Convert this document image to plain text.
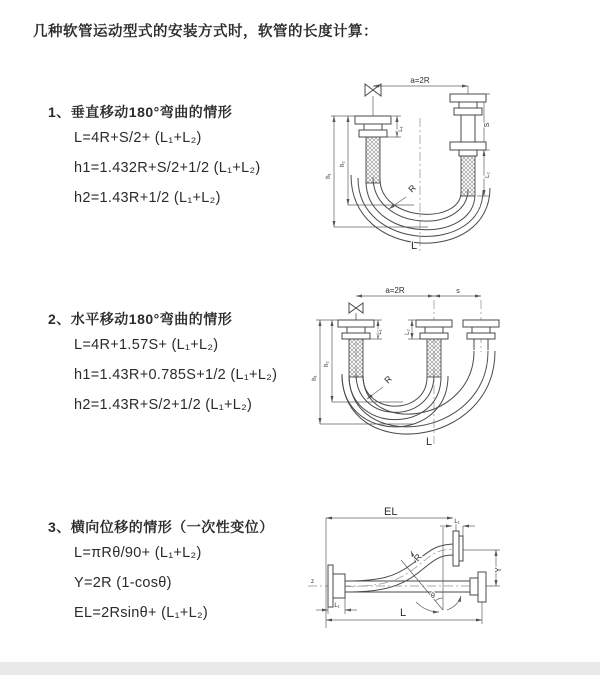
几种软管运动型式的安装方式时，软管的长度计算：
1、垂直移动180°弯曲的情形
L=4R+S/2+ (L₁+L₂)
h1=1.432R+S/2+1/2 (L₁+L₂)
h2=1.43R+1/2 (L₁+L₂)
a=2R
S
L₂
L₁
h₂
h₁
R
L
2、水平移动180°弯曲的情形
L=4R+1.57S+ (L₁+L₂)
h1=1.43R+0.785S+1/2 (L₁+L₂)
h2=1.43R+S/2+1/2 (L₁+L₂)
a=2R	s
L₁	L₂
h₂
h₁	R
L
3、横向位移的情形（一次性变位）
L=πRθ/90+ (L₁+L₂)
Y=2R (1-cosθ)
EL=2Rsinθ+ (L₁+L₂)
EL
L₁
Y
L
L₁
R
θ
z
